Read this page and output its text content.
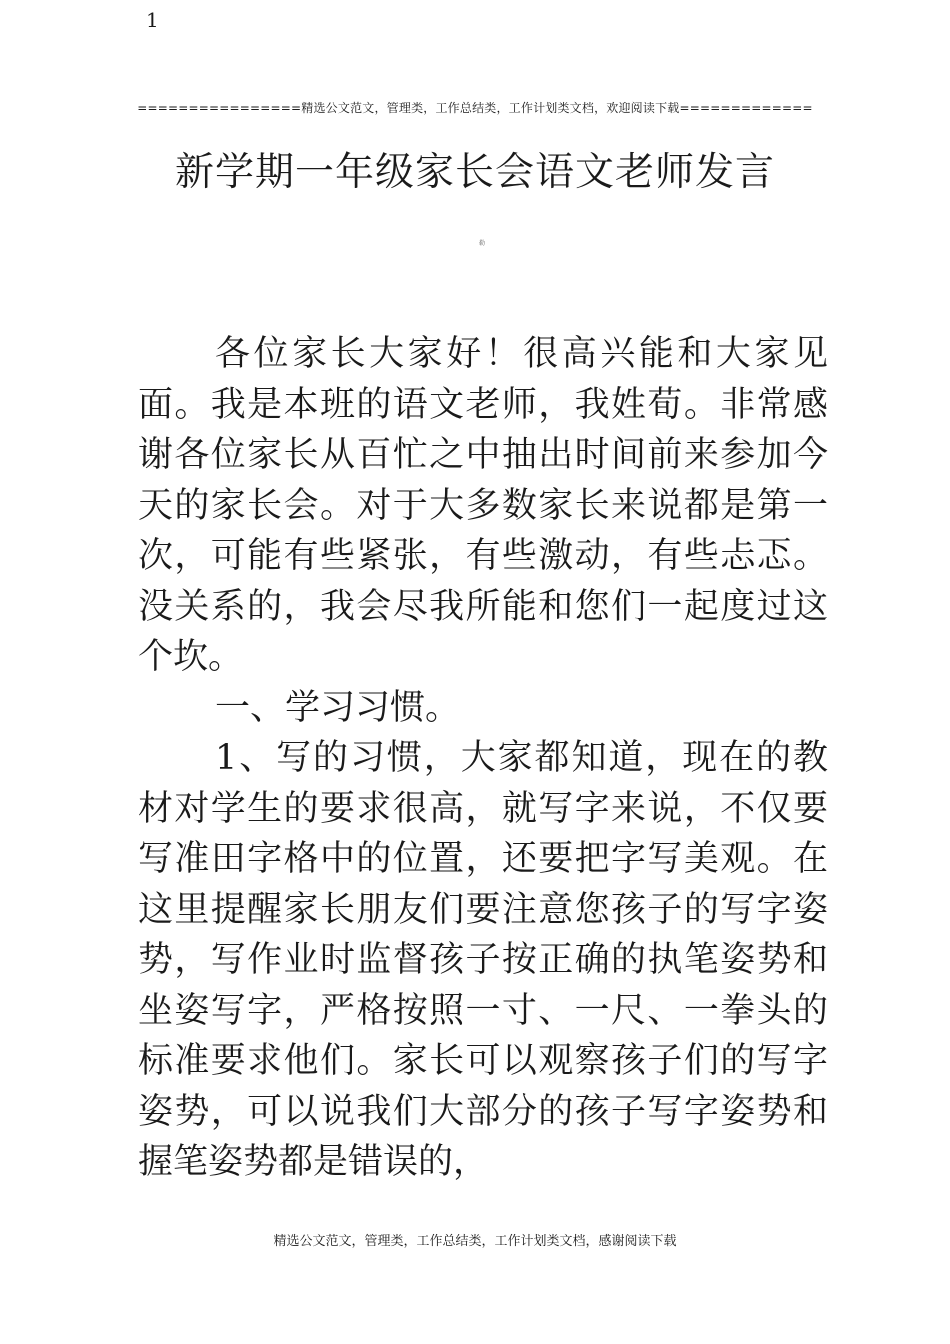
1
================精选公文范文，管理类，工作总结类，工作计划类文档，欢迎阅读下载=============
新学期一年级家长会语文老师发言
勒

各位家长大家好！很高兴能和大家见面。我是本班的语文老师，我姓荀。非常感谢各位家长从百忙之中抽出时间前来参加今天的家长会。对于大多数家长来说都是第一次，可能有些紧张，有些激动，有些忐忑。没关系的，我会尽我所能和您们一起度过这个坎。

一、学习习惯。

1、写的习惯，大家都知道，现在的教材对学生的要求很高，就写字来说，不仅要写准田字格中的位置，还要把字写美观。在这里提醒家长朋友们要注意您孩子的写字姿势，写作业时监督孩子按正确的执笔姿势和坐姿写字，严格按照一寸、一尺、一拳头的标准要求他们。家长可以观察孩子们的写字姿势，可以说我们大部分的孩子写字姿势和握笔姿势都是错误的，

精选公文范文，管理类，工作总结类，工作计划类文档，感谢阅读下载
